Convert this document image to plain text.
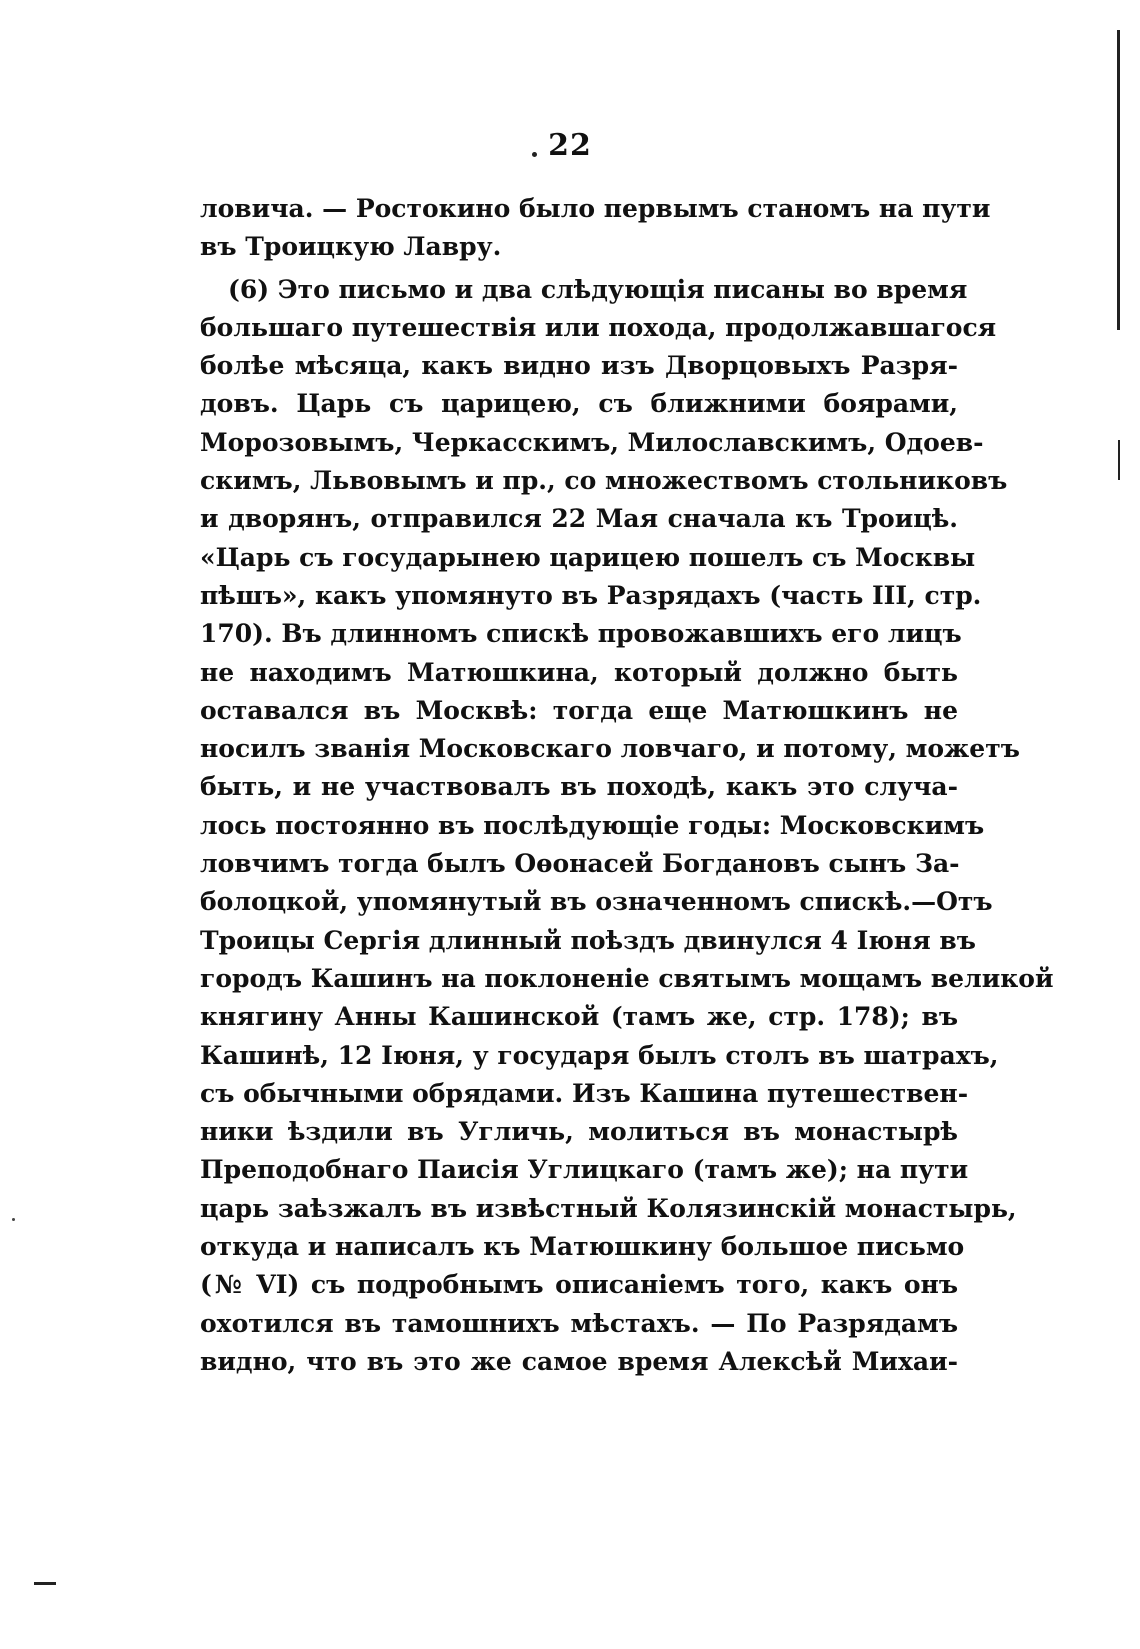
22
ловича. — Ростокино было первымъ станомъ на пути
въ Троицкую Лавру.
(6) Это письмо и два слѣдующія писаны во время
большаго путешествія или похода, продолжавшагося
болѣе мѣсяца, какъ видно изъ Дворцовыхъ Разря-
довъ. Царь съ царицею, съ ближними боярами,
Морозовымъ, Черкасскимъ, Милославскимъ, Одоев-
скимъ, Львовымъ и пр., со множествомъ стольниковъ
и дворянъ, отправился 22 Мая сначала къ Троицѣ.
«Царь съ государынею царицею пошелъ съ Москвы
пѣшъ», какъ упомянуто въ Разрядахъ (часть III, стр.
170). Въ длинномъ спискѣ провожавшихъ его лицъ
не находимъ Матюшкина, который должно быть
оставался въ Москвѣ: тогда еще Матюшкинъ не
носилъ званія Московскаго ловчаго, и потому, можетъ
быть, и не участвовалъ въ походѣ, какъ это случа-
лось постоянно въ послѣдующіе годы: Московскимъ
ловчимъ тогда былъ Оѳонасей Богдановъ сынъ За-
болоцкой, упомянутый въ означенномъ спискѣ.—Отъ
Троицы Сергія длинный поѣздъ двинулся 4 Іюня въ
городъ Кашинъ на поклоненіе святымъ мощамъ великой
княгину Анны Кашинской (тамъ же, стр. 178); въ
Кашинѣ, 12 Іюня, у государя былъ столъ въ шатрахъ,
съ обычными обрядами. Изъ Кашина путешествен-
ники ѣздили въ Угличь, молиться въ монастырѣ
Преподобнаго Паисія Углицкаго (тамъ же); на пути
царь заѣзжалъ въ извѣстный Колязинскій монастырь,
откуда и написалъ къ Матюшкину большое письмо
(№ VI) съ подробнымъ описаніемъ того, какъ онъ
охотился въ тамошнихъ мѣстахъ. — По Разрядамъ
видно, что въ это же самое время Алексѣй Михаи-
